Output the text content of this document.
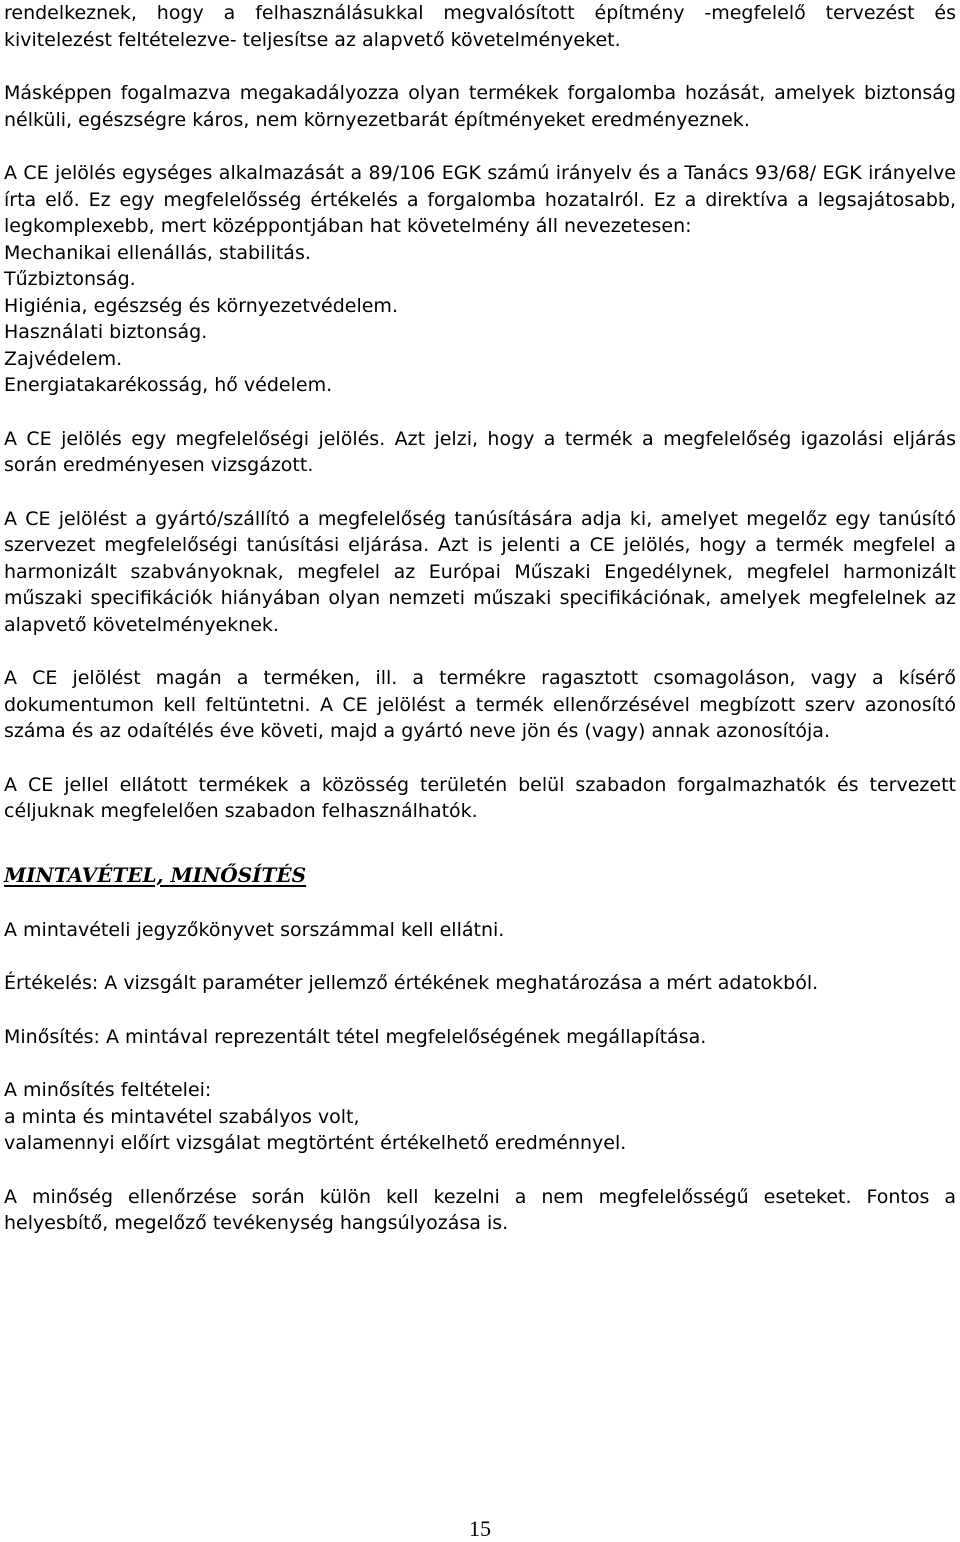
rendelkeznek, hogy a felhasználásukkal megvalósított építmény -megfelelő tervezést és kivitelezést feltételezve- teljesítse az alapvető követelményeket.

Másképpen fogalmazva megakadályozza olyan termékek forgalomba hozását, amelyek biztonság nélküli, egészségre káros, nem környezetbarát építményeket eredményeznek.

A CE jelölés egységes alkalmazását a 89/106 EGK számú irányelv és a Tanács 93/68/ EGK irányelve írta elő. Ez egy megfelelősség értékelés a forgalomba hozatalról. Ez a direktíva a legsajátosabb, legkomplexebb, mert középpontjában hat követelmény áll nevezetesen:

Mechanikai ellenállás, stabilitás.

Tűzbiztonság.

Higiénia, egészség és környezetvédelem.

Használati biztonság.

Zajvédelem.

Energiatakarékosság, hő védelem.

A CE jelölés egy megfelelőségi jelölés. Azt jelzi, hogy a termék a megfelelőség igazolási eljárás során eredményesen vizsgázott.

A CE jelölést a gyártó/szállító a megfelelőség tanúsítására adja ki, amelyet megelőz egy tanúsító szervezet megfelelőségi tanúsítási eljárása. Azt is jelenti a CE jelölés, hogy a termék megfelel a harmonizált szabványoknak, megfelel az Európai Műszaki Engedélynek, megfelel harmonizált műszaki specifikációk hiányában olyan nemzeti műszaki specifikációnak, amelyek megfelelnek az alapvető követelményeknek.

A CE jelölést magán a terméken, ill. a termékre ragasztott csomagoláson, vagy a kísérő dokumentumon kell feltüntetni. A CE jelölést a termék ellenőrzésével megbízott szerv azonosító száma és az odaítélés éve követi, majd a gyártó neve jön és (vagy) annak azonosítója.

A CE jellel ellátott termékek a közösség területén belül szabadon forgalmazhatók és tervezett céljuknak megfelelően szabadon felhasználhatók.

MINTAVÉTEL, MINŐSÍTÉS

A mintavételi jegyzőkönyvet sorszámmal kell ellátni.

Értékelés: A vizsgált paraméter jellemző értékének meghatározása a mért adatokból.

Minősítés: A mintával reprezentált tétel megfelelőségének megállapítása.

A minősítés feltételei:

a minta és mintavétel szabályos volt,

valamennyi előírt vizsgálat megtörtént értékelhető eredménnyel.

A minőség ellenőrzése során külön kell kezelni a nem megfelelősségű eseteket. Fontos a helyesbítő, megelőző tevékenység hangsúlyozása is.

15
